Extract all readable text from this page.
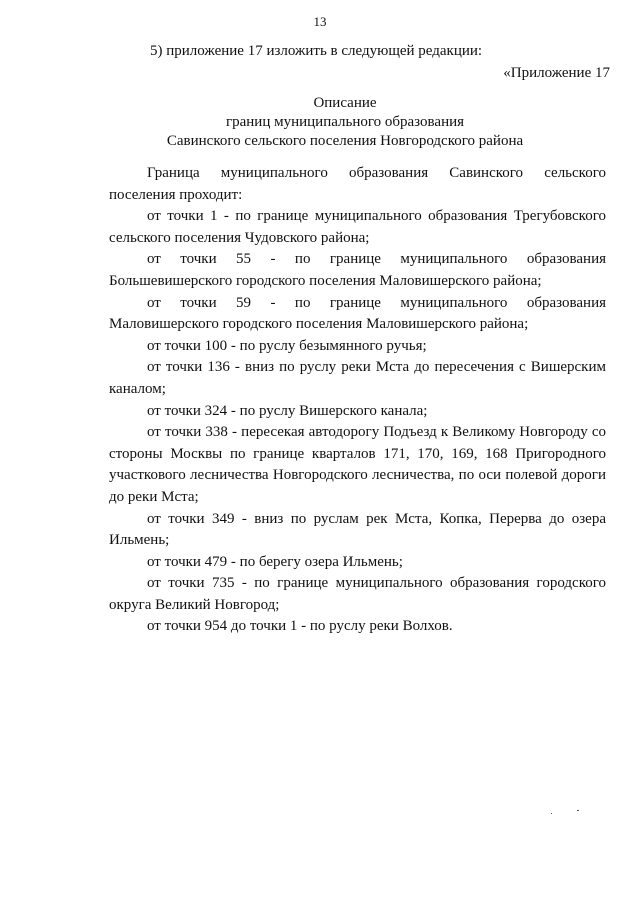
13
5) приложение 17 изложить в следующей редакции:
«Приложение 17
Описание
границ муниципального образования
Савинского сельского поселения Новгородского района

Граница муниципального образования Савинского сельского поселения проходит:

от точки 1 - по границе муниципального образования Трегубовского сельского поселения Чудовского района;

от точки 55 - по границе муниципального образования Большевишерского городского поселения Маловишерского района;

от точки 59 - по границе муниципального образования Маловишерского городского поселения Маловишерского района;

от точки 100 - по руслу безымянного ручья;

от точки 136 - вниз по руслу реки Мста до пересечения с Вишерским каналом;

от точки 324 - по руслу Вишерского канала;

от точки 338 - пересекая автодорогу Подъезд к Великому Новгороду со стороны Москвы по границе кварталов 171, 170, 169, 168 Пригородного участкового лесничества Новгородского лесничества, по оси полевой дороги до реки Мста;

от точки 349 - вниз по руслам рек Мста, Копка, Перерва до озера Ильмень;

от точки 479 - по берегу озера Ильмень;

от точки 735 - по границе муниципального образования городского округа Великий Новгород;

от точки 954 до точки 1 - по руслу реки Волхов.
